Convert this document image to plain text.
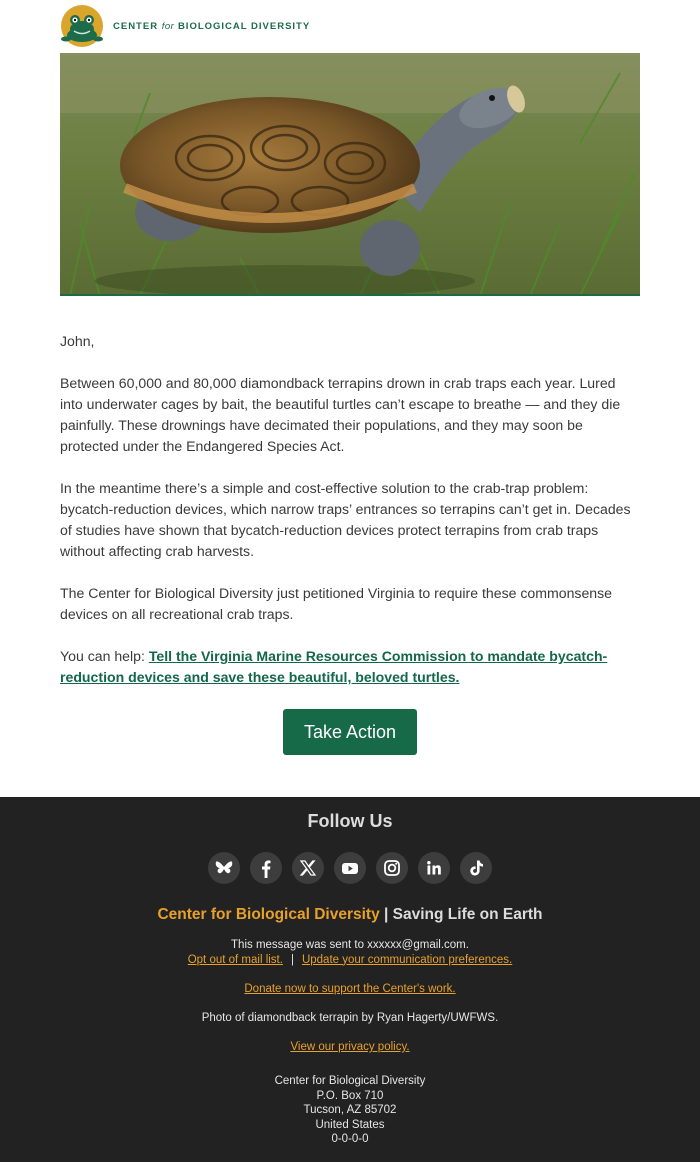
CENTER for BIOLOGICAL DIVERSITY

John,

Between 60,000 and 80,000 diamondback terrapins drown in crab traps each year. Lured into underwater cages by bait, the beautiful turtles can’t escape to breathe — and they die painfully. These drownings have decimated their populations, and they may soon be protected under the Endangered Species Act.

In the meantime there’s a simple and cost-effective solution to the crab-trap problem: bycatch-reduction devices, which narrow traps’ entrances so terrapins can’t get in. Decades of studies have shown that bycatch-reduction devices protect terrapins from crab traps without affecting crab harvests.

The Center for Biological Diversity just petitioned Virginia to require these commonsense devices on all recreational crab traps.

You can help: Tell the Virginia Marine Resources Commission to mandate bycatch-reduction devices and save these beautiful, beloved turtles.

Take Action
Follow Us
Center for Biological Diversity | Saving Life on Earth
This message was sent to xxxxxx@gmail.com.
Opt out of mail list. | Update your communication preferences.
Donate now to support the Center's work.
Photo of diamondback terrapin by Ryan Hagerty/UWFWS.
View our privacy policy.
Center for Biological Diversity
P.O. Box 710
Tucson, AZ 85702
United States
0-0-0-0
